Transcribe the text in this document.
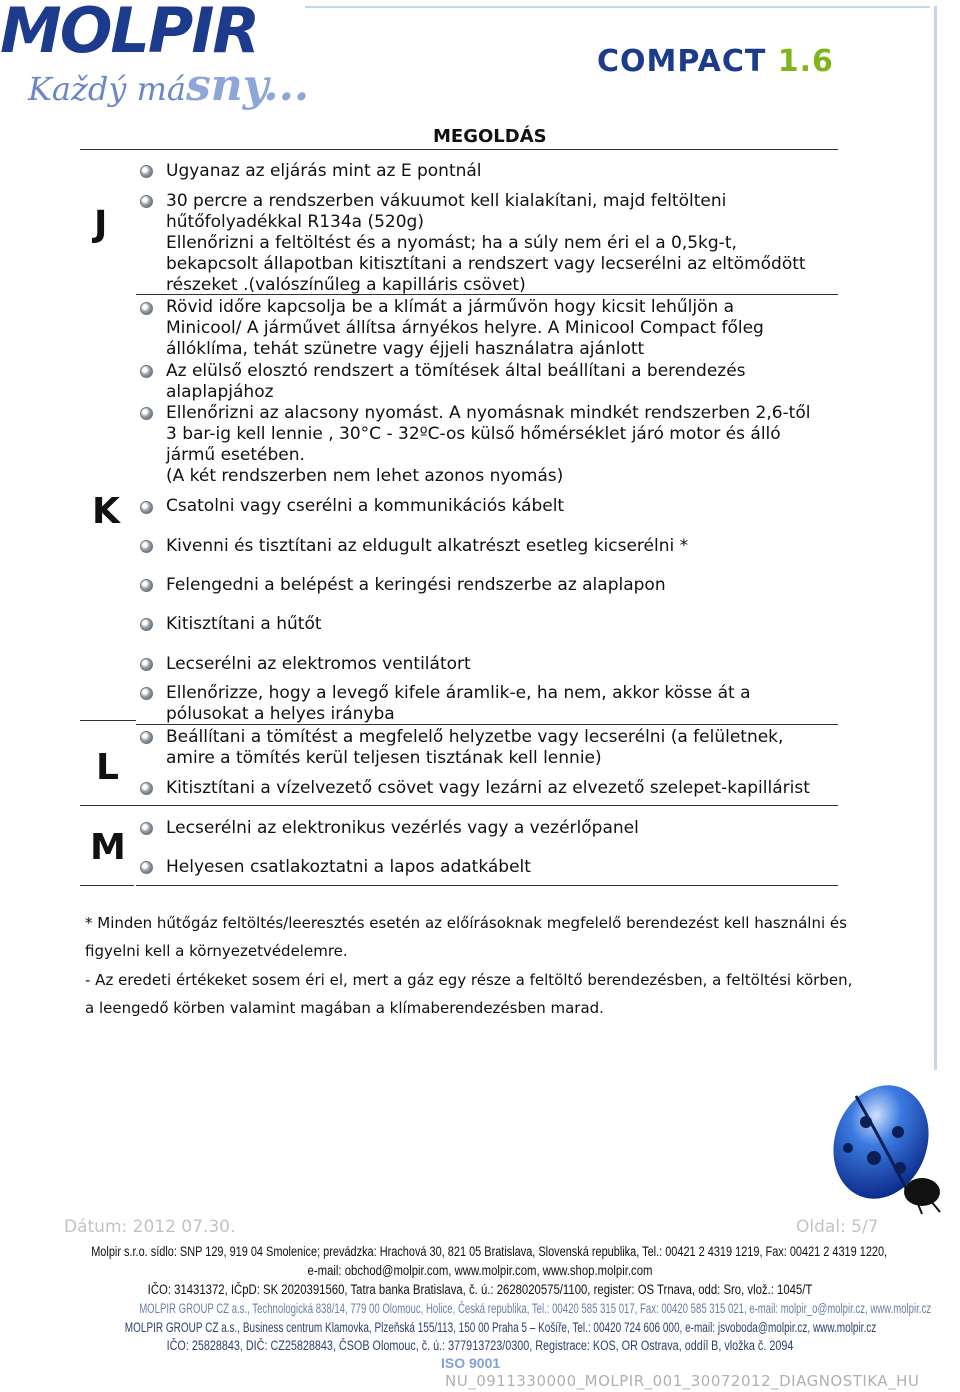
MOLPIR
Každý másny...	COMPACT 1.6
MEGOLDÁS
J
K
L
M
Ugyanaz az eljárás mint az E pontnál
30 percre a rendszerben vákuumot kell kialakítani, majd feltölteni
hűtőfolyadékkal R134a (520g)
Ellenőrizni a feltöltést és a nyomást; ha a súly nem éri el a 0,5kg-t,
bekapcsolt állapotban kitisztítani a rendszert vagy lecserélni az eltömődött
részeket .(valószínűleg a kapilláris csövet)
Rövid időre kapcsolja be a klímát a járművön hogy kicsit lehűljön a
Minicool/ A járművet állítsa árnyékos helyre. A Minicool Compact főleg
állóklíma, tehát szünetre vagy éjjeli használatra ajánlott
Az elülső elosztó rendszert a tömítések által beállítani a berendezés
alaplapjához
Ellenőrizni az alacsony nyomást. A nyomásnak mindkét rendszerben 2,6-től
3 bar-ig kell lennie , 30°C - 32ºC-os külső hőmérséklet járó motor és álló
jármű esetében.
(A két rendszerben nem lehet azonos nyomás)
Csatolni vagy cserélni a kommunikációs kábelt
Kivenni és tisztítani az eldugult alkatrészt esetleg kicserélni *
Felengedni a belépést a keringési rendszerbe az alaplapon
Kitisztítani a hűtőt
Lecserélni az elektromos ventilátort
Ellenőrizze, hogy a levegő kifele áramlik-e, ha nem, akkor kösse át a
pólusokat a helyes irányba
Beállítani a tömítést a megfelelő helyzetbe vagy lecserélni (a felületnek,
amire a tömítés kerül teljesen tisztának kell lennie)
Kitisztítani a vízelvezető csövet vagy lezárni az elvezető szelepet-kapillárist
Lecserélni az elektronikus vezérlés vagy a vezérlőpanel
Helyesen csatlakoztatni a lapos adatkábelt
* Minden hűtőgáz feltöltés/leeresztés esetén az előírásoknak megfelelő berendezést kell használni és
figyelni kell a környezetvédelemre.
- Az eredeti értékeket sosem éri el, mert a gáz egy része a feltöltő berendezésben, a feltöltési körben,
a leengedő körben valamint magában a klímaberendezésben marad.
Dátum: 2012 07.30.	Oldal: 5/7
Molpir s.r.o. sídlo: SNP 129, 919 04 Smolenice; prevádzka: Hrachová 30, 821 05 Bratislava, Slovenská republika, Tel.: 00421 2 4319 1219, Fax: 00421 2 4319 1220,
e-mail: obchod@molpir.com, www.molpir.com, www.shop.molpir.com
IČO: 31431372, IČpD: SK 2020391560, Tatra banka Bratislava, č. ú.: 2628020575/1100, register: OS Trnava, odd: Sro, vlož.: 1045/T
MOLPIR GROUP CZ a.s., Technologická 838/14, 779 00 Olomouc, Holice, Česká republika, Tel.: 00420 585 315 017, Fax: 00420 585 315 021, e-mail: molpir_o@molpir.cz, www.molpir.cz
MOLPIR GROUP CZ a.s., Business centrum Klamovka, Plzeňská 155/113, 150 00 Praha 5 – Košíře, Tel.: 00420 724 606 000, e-mail: jsvoboda@molpir.cz, www.molpir.cz
IČO: 25828843, DIČ: CZ25828843, ČSOB Olomouc, č. ú.: 377913723/0300, Registrace: KOS, OR Ostrava, oddíl B, vložka č. 2094
ISO 9001
NU_0911330000_MOLPIR_001_30072012_DIAGNOSTIKA_HU
